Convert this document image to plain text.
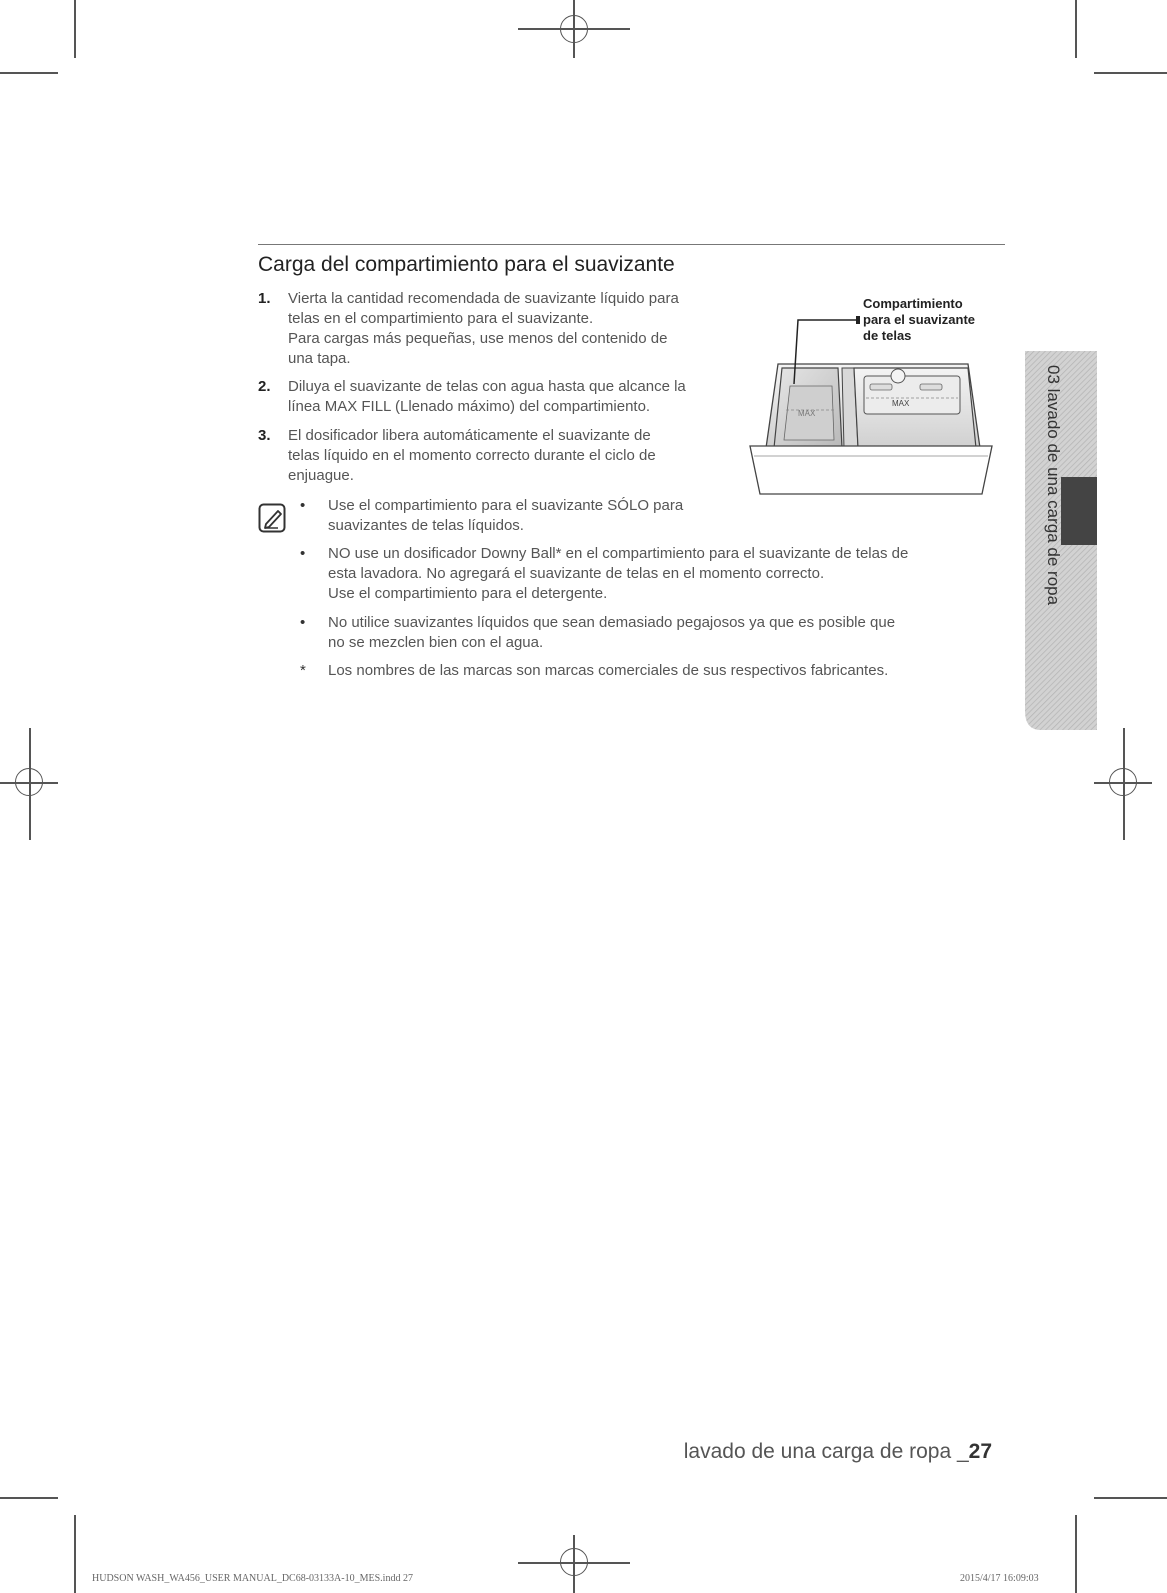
Carga del compartimiento para el suavizante
1. Vierta la cantidad recomendada de suavizante líquido para

telas en el compartimiento para el suavizante.

Para cargas más pequeñas, use menos del contenido de

una tapa.

2. Diluya el suavizante de telas con agua hasta que alcance la

línea MAX FILL (Llenado máximo) del compartimiento.

3. El dosificador libera automáticamente el suavizante de

telas líquido en el momento correcto durante el ciclo de

enjuague.

• Use el compartimiento para el suavizante SÓLO para

suavizantes de telas líquidos.

• NO use un dosificador Downy Ball* en el compartimiento para el suavizante de telas de

esta lavadora. No agregará el suavizante de telas en el momento correcto.

Use el compartimiento para el detergente.

• No utilice suavizantes líquidos que sean demasiado pegajosos ya que es posible que

no se mezclen bien con el agua.

* Los nombres de las marcas son marcas comerciales de sus respectivos fabricantes.

MAX
MAX

Compartimiento

para el suavizante

de telas

03 lavado de una carga de ropa
lavado de una carga de ropa _27
HUDSON WASH_WA456_USER MANUAL_DC68-03133A-10_MES.indd 27	2015/4/17 16:09:03
